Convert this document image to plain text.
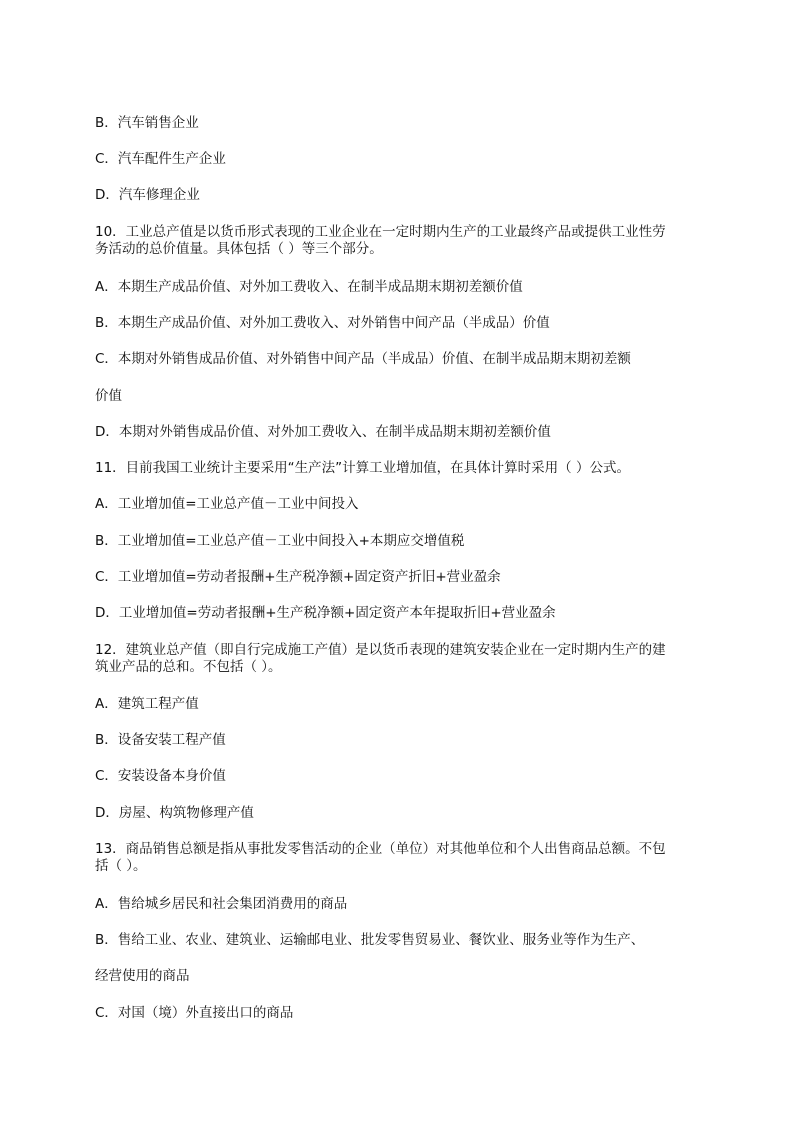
B．汽车销售企业
C．汽车配件生产企业
D．汽车修理企业
10．工业总产值是以货币形式表现的工业企业在一定时期内生产的工业最终产品或提供工业性劳务活动的总价值量。具体包括（ ）等三个部分。
A．本期生产成品价值、对外加工费收入、在制半成品期末期初差额价值
B．本期生产成品价值、对外加工费收入、对外销售中间产品（半成品）价值
C．本期对外销售成品价值、对外销售中间产品（半成品）价值、在制半成品期末期初差额
价值
D．本期对外销售成品价值、对外加工费收入、在制半成品期末期初差额价值
11．目前我国工业统计主要采用“生产法”计算工业增加值，在具体计算时采用（ ）公式。
A．工业增加值=工业总产值－工业中间投入
B．工业增加值=工业总产值－工业中间投入+本期应交增值税
C．工业增加值=劳动者报酬+生产税净额+固定资产折旧+营业盈余
D．工业增加值=劳动者报酬+生产税净额+固定资产本年提取折旧+营业盈余
12．建筑业总产值（即自行完成施工产值）是以货币表现的建筑安装企业在一定时期内生产的建筑业产品的总和。不包括（ ）。
A．建筑工程产值
B．设备安装工程产值
C．安装设备本身价值
D．房屋、构筑物修理产值
13．商品销售总额是指从事批发零售活动的企业（单位）对其他单位和个人出售商品总额。不包括（ ）。
A．售给城乡居民和社会集团消费用的商品
B．售给工业、农业、建筑业、运输邮电业、批发零售贸易业、餐饮业、服务业等作为生产、
经营使用的商品
C．对国（境）外直接出口的商品
